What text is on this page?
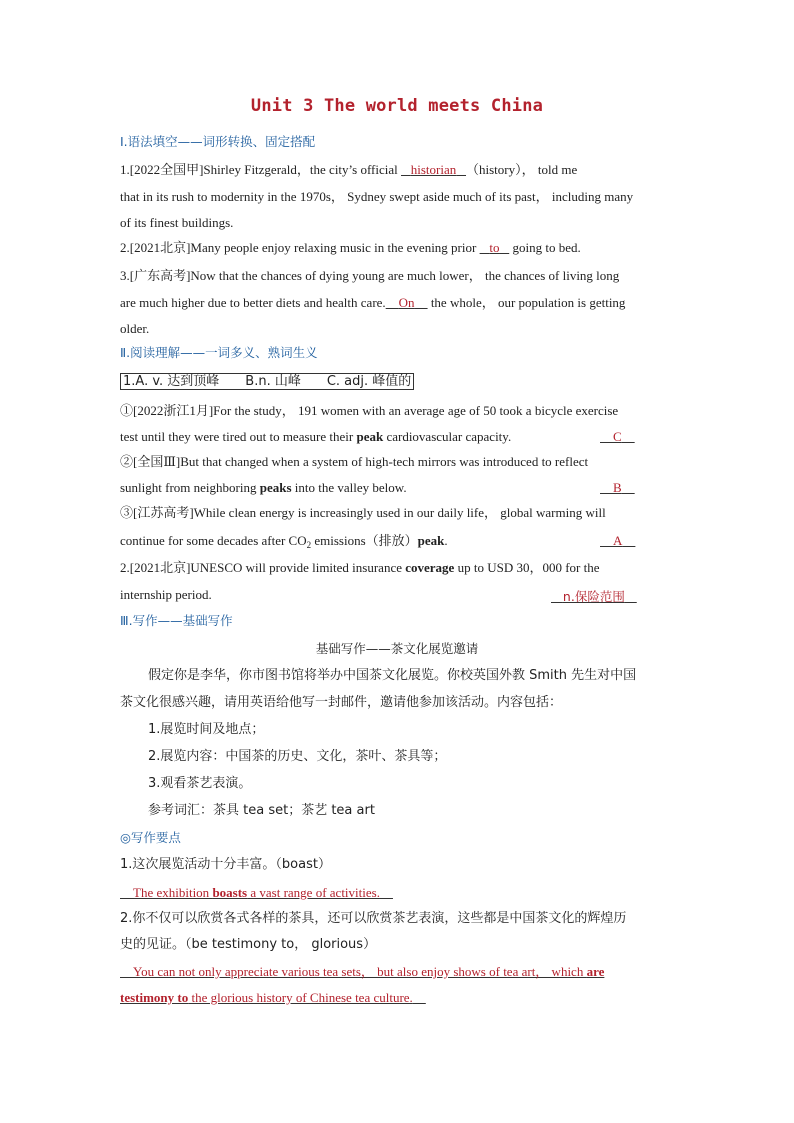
Unit 3 The world meets China
Ⅰ.语法填空——词形转换、固定搭配
1.[2022全国甲]Shirley Fitzgerald，the city’s official    historian （history）， told me
that in its rush to modernity in the 1970s， Sydney swept aside much of its past， including many
of its finest buildings.
2.[2021北京]Many people enjoy relaxing music in the evening prior    to    going to bed.
3.[广东高考]Now that the chances of dying young are much lower， the chances of living long
are much higher due to better diets and health care. On     the whole， our population is getting
older.
Ⅱ.阅读理解——一词多义、熟词生义
1.A. v. 达到顶峰　　B.n. 山峰　　C. adj. 峰值的
①[2022浙江1月]For the study， 191 women with an average age of 50 took a bicycle exercise
test until they were tired out to measure their peak cardiovascular capacity.	C
②[全国Ⅲ]But that changed when a system of high-tech mirrors was introduced to reflect
sunlight from neighboring peaks into the valley below.	B
③[江苏高考]While clean energy is increasingly used in our daily life， global warming will
continue for some decades after $CO_2$ emissions（排放）peak.	A
2.[2021北京]UNESCO will provide limited insurance coverage up to USD 30，000 for the
internship period.	n.保险范围
Ⅲ.写作——基础写作
基础写作——茶文化展览邀请
假定你是李华，你市图书馆将举办中国茶文化展览。你校英国外教 Smith 先生对中国
茶文化很感兴趣，请用英语给他写一封邮件，邀请他参加该活动。内容包括：
1.展览时间及地点；
2.展览内容：中国茶的历史、文化，茶叶、茶具等；
3.观看茶艺表演。
参考词汇：茶具 tea set；茶艺 tea art
◎写作要点
1.这次展览活动十分丰富。（boast）
The exhibition boasts a vast range of activities.
2.你不仅可以欣赏各式各样的茶具，还可以欣赏茶艺表演，这些都是中国茶文化的辉煌历
史的见证。（be testimony to， glorious）
You can not only appreciate various tea sets， but also enjoy shows of tea art， which are
testimony to the glorious history of Chinese tea culture.
